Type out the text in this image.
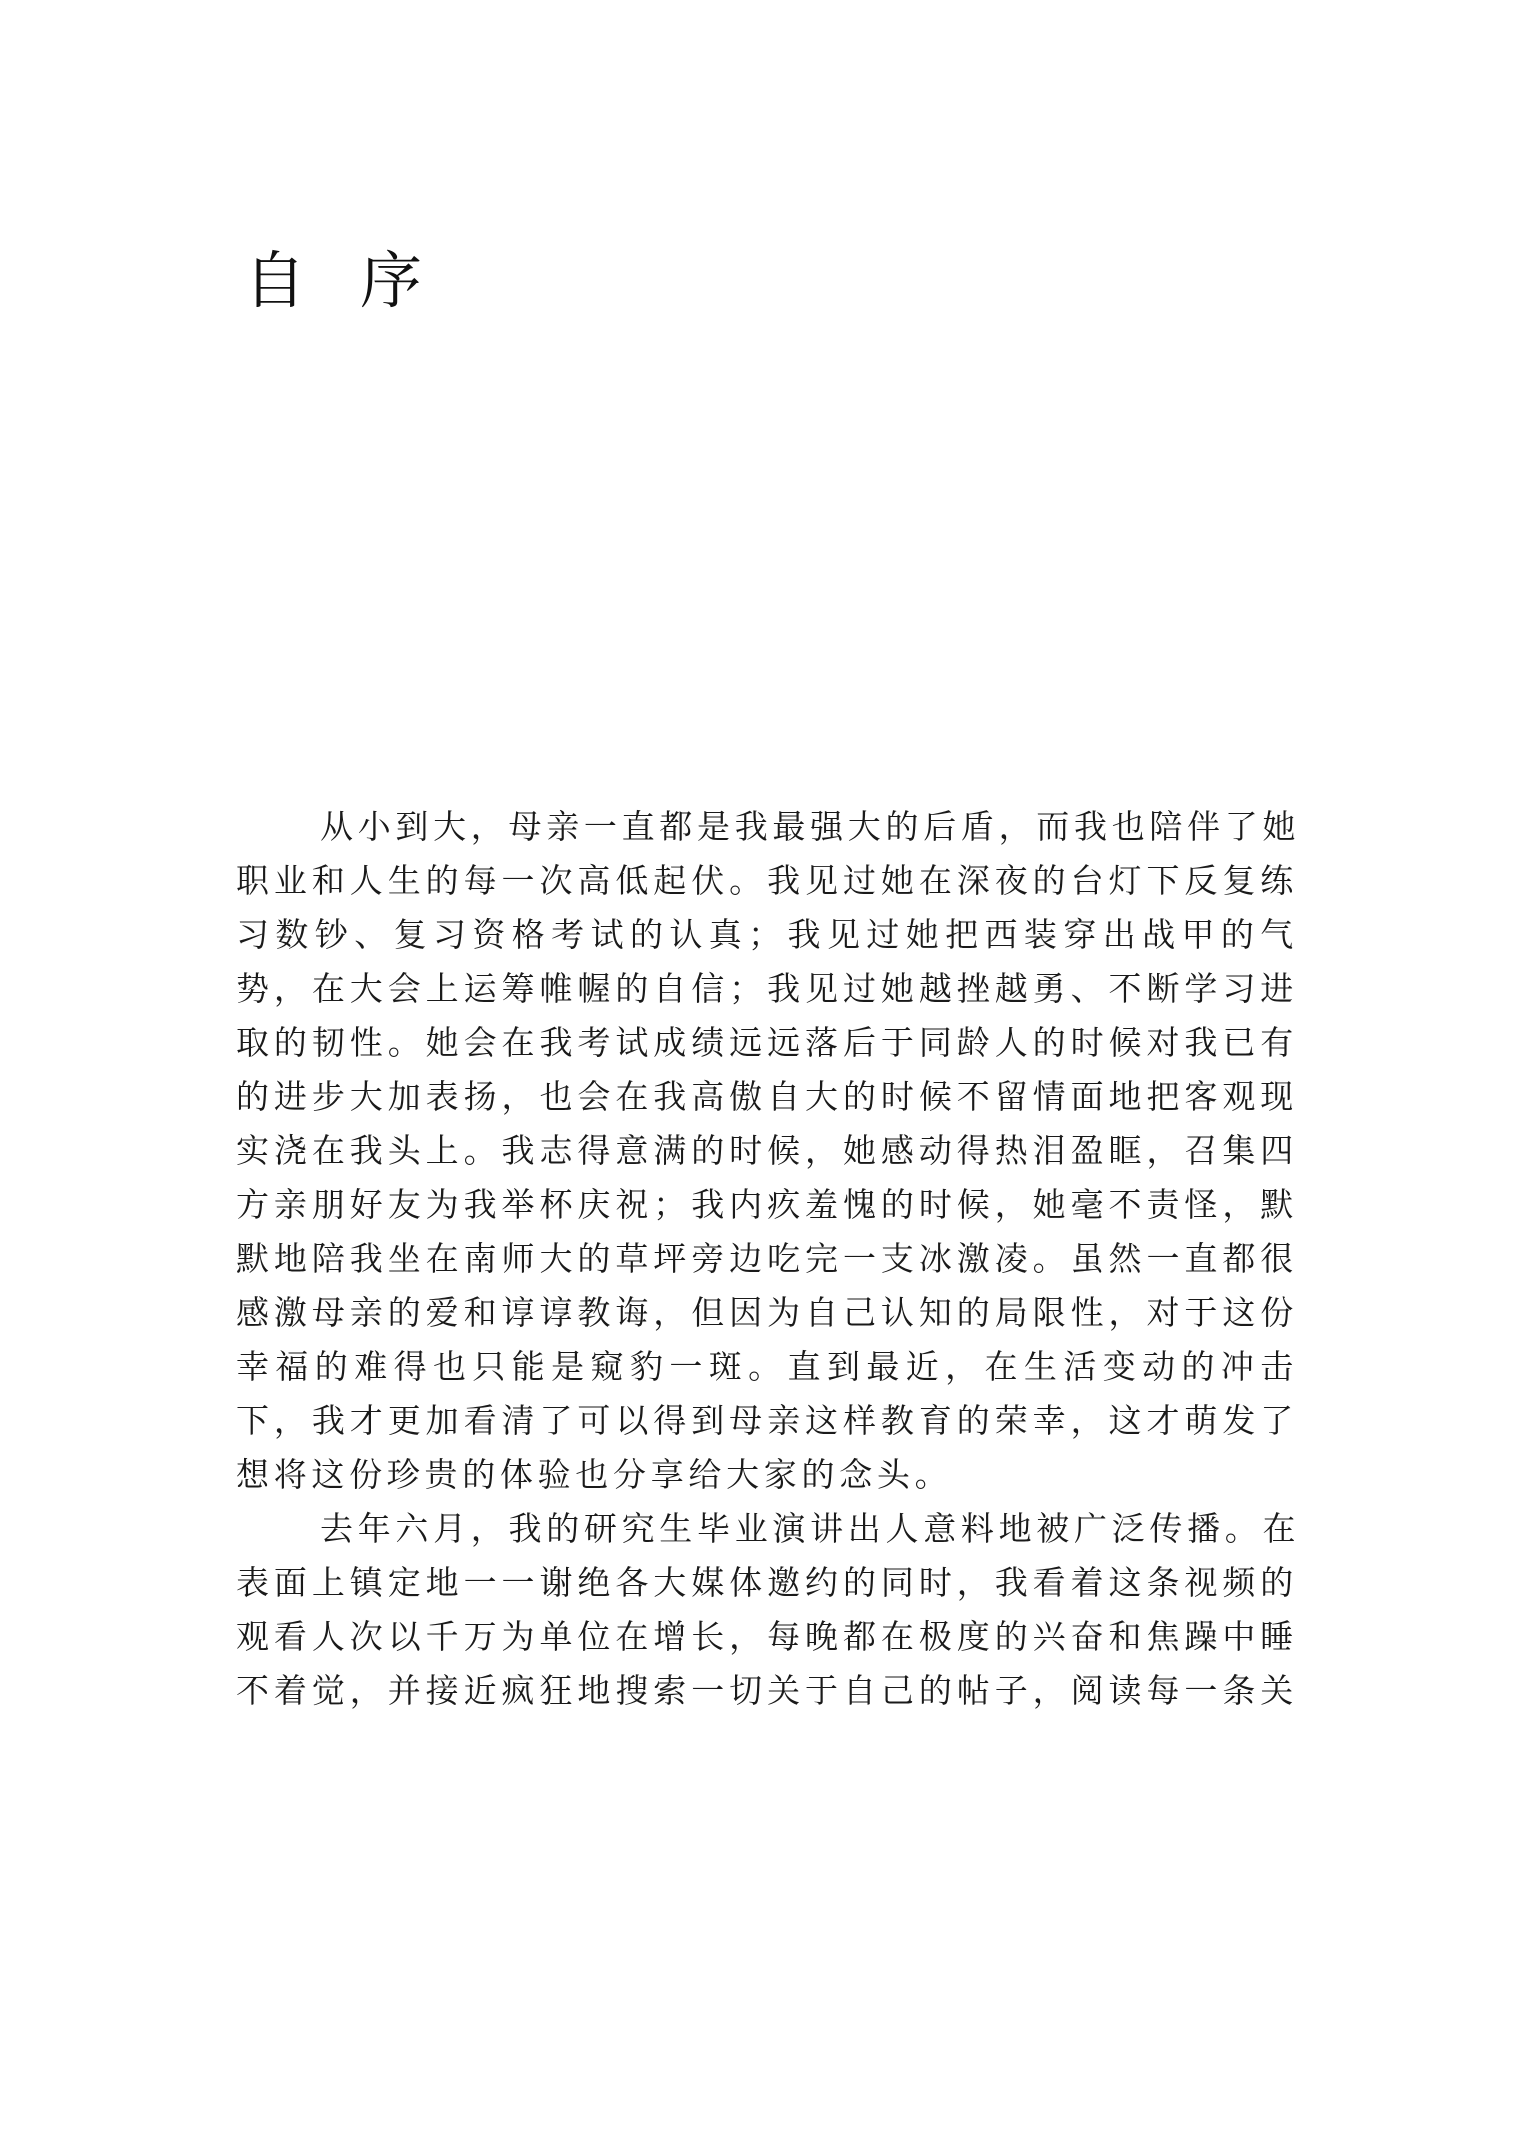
自序

从小到大，母亲一直都是我最强大的后盾，而我也陪伴了她
职业和人生的每一次高低起伏。我见过她在深夜的台灯下反复练
习数钞、复习资格考试的认真；我见过她把西装穿出战甲的气
势，在大会上运筹帷幄的自信；我见过她越挫越勇、不断学习进
取的韧性。她会在我考试成绩远远落后于同龄人的时候对我已有
的进步大加表扬，也会在我高傲自大的时候不留情面地把客观现
实浇在我头上。我志得意满的时候，她感动得热泪盈眶，召集四
方亲朋好友为我举杯庆祝；我内疚羞愧的时候，她毫不责怪，默
默地陪我坐在南师大的草坪旁边吃完一支冰激凌。虽然一直都很
感激母亲的爱和谆谆教诲，但因为自己认知的局限性，对于这份
幸福的难得也只能是窥豹一斑。直到最近，在生活变动的冲击
下，我才更加看清了可以得到母亲这样教育的荣幸，这才萌发了
想将这份珍贵的体验也分享给大家的念头。

去年六月，我的研究生毕业演讲出人意料地被广泛传播。在
表面上镇定地一一谢绝各大媒体邀约的同时，我看着这条视频的
观看人次以千万为单位在增长，每晚都在极度的兴奋和焦躁中睡
不着觉，并接近疯狂地搜索一切关于自己的帖子，阅读每一条关
